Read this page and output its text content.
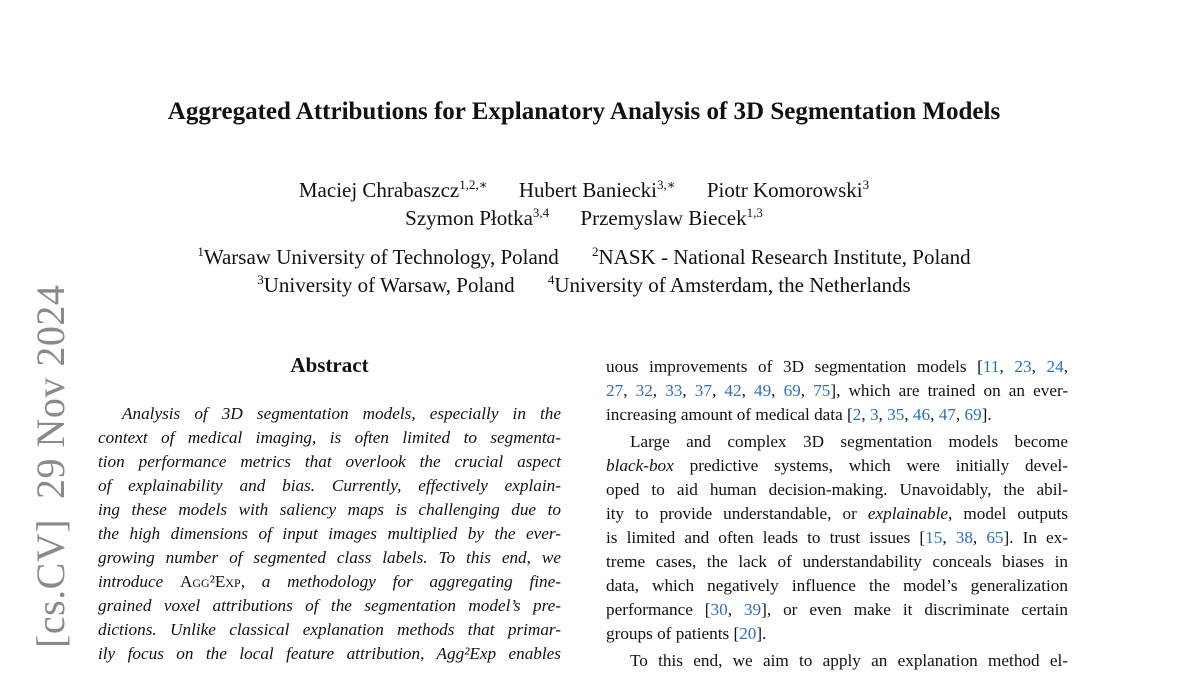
[cs.CV]29 Nov 2024
Aggregated Attributions for Explanatory Analysis of 3D Segmentation Models
Maciej Chrabaszcz$^{1,2,∗}$ Hubert Baniecki$^{3,∗}$ Piotr Komorowski$^3$
Szymon Płotka$^{3,4}$ Przemyslaw Biecek$^{1,3}$
$^1$Warsaw University of Technology, Poland	$^2$NASK - National Research Institute, Poland
$^3$University of Warsaw, Poland	$^4$University of Amsterdam, the Netherlands
Abstract
Analysis of 3D segmentation models, especially in the
context of medical imaging, is often limited to segmenta-
tion performance metrics that overlook the crucial aspect
of explainability and bias. Currently, effectively explain-
ing these models with saliency maps is challenging due to
the high dimensions of input images multiplied by the ever-
growing number of segmented class labels. To this end, we
introduce Agg²Exp, a methodology for aggregating fine-
grained voxel attributions of the segmentation model’s pre-
dictions. Unlike classical explanation methods that primar-
ily focus on the local feature attribution, Agg²Exp enables
uous improvements of 3D segmentation models [11, 23, 24,
27, 32, 33, 37, 42, 49, 69, 75], which are trained on an ever-
increasing amount of medical data [2, 3, 35, 46, 47, 69].
Large and complex 3D segmentation models become
black-box predictive systems, which were initially devel-
oped to aid human decision-making. Unavoidably, the abil-
ity to provide understandable, or explainable, model outputs
is limited and often leads to trust issues [15, 38, 65]. In ex-
treme cases, the lack of understandability conceals biases in
data, which negatively influence the model’s generalization
performance [30, 39], or even make it discriminate certain
groups of patients [20].
To this end, we aim to apply an explanation method el-
